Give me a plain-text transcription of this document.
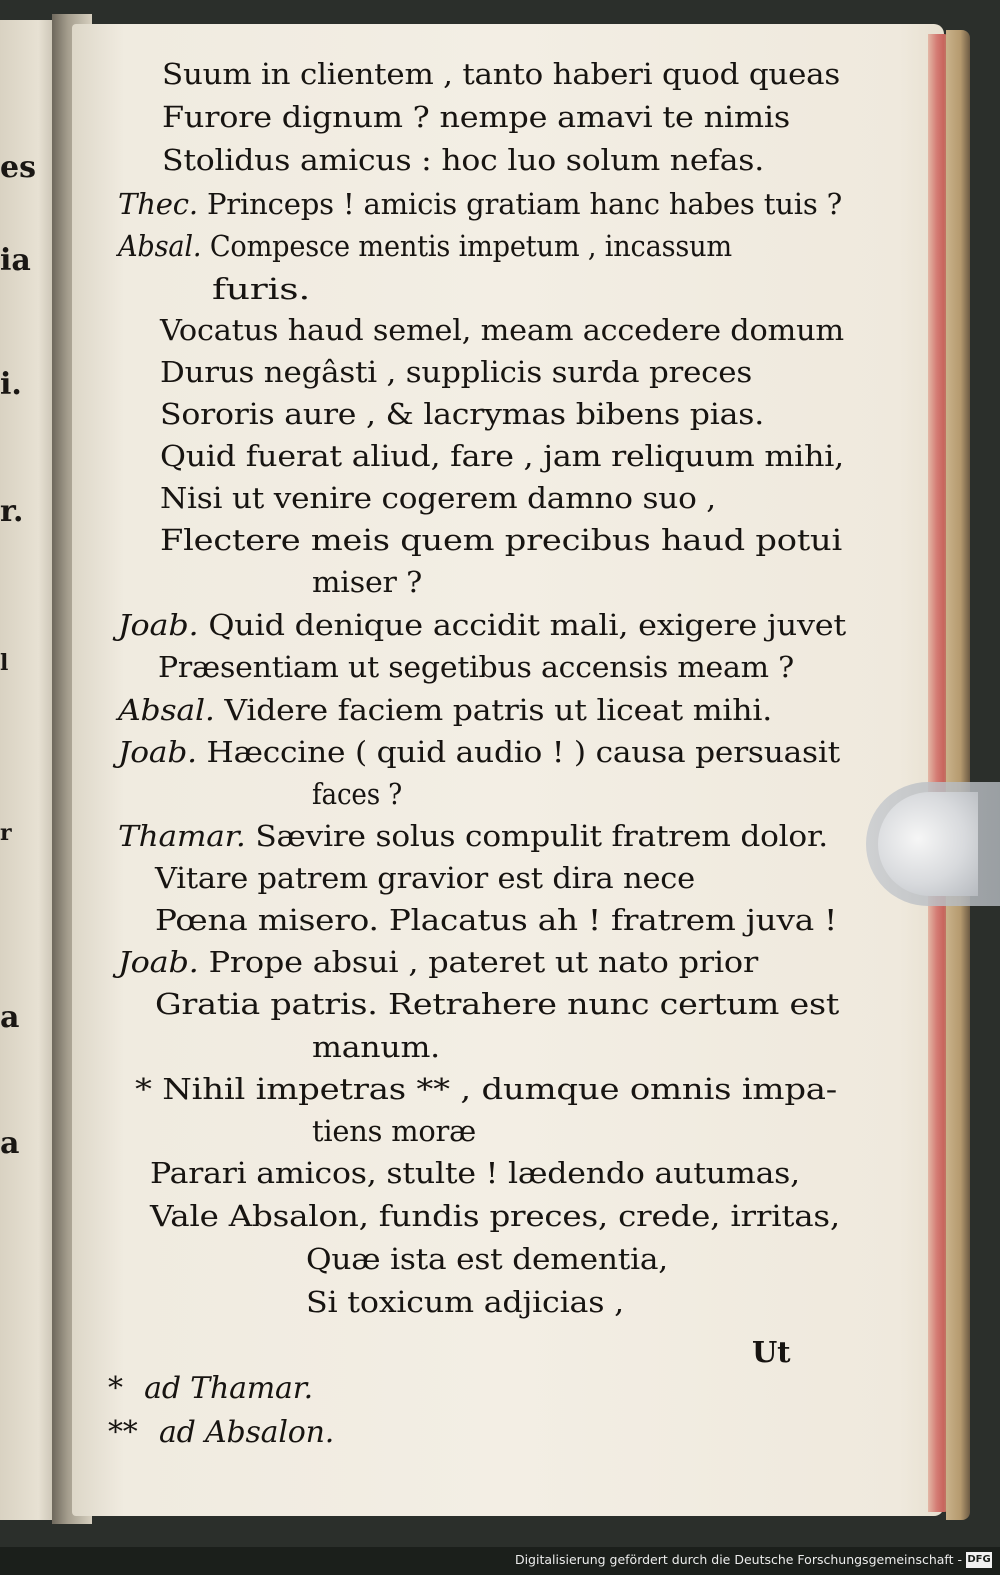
es
ia
i.
r.
a
a
r
l
Suum in clientem , tanto haberi quod queas
Furore dignum ? nempe amavi te nimis
Stolidus amicus : hoc luo solum nefas.
Thec. Princeps ! amicis gratiam hanc habes tuis ?
Absal. Compesce mentis impetum , incassum
furis.
Vocatus haud semel, meam accedere domum
Durus negâsti , supplicis surda preces
Sororis aure , & lacrymas bibens pias.
Quid fuerat aliud, fare , jam reliquum mihi,
Nisi ut venire cogerem damno suo ,
Flectere meis quem precibus haud potui
miser ?
Joab. Quid denique accidit mali, exigere juvet
Præsentiam ut segetibus accensis meam ?
Absal. Videre faciem patris ut liceat mihi.
Joab. Hæccine ( quid audio ! ) causa persuasit
faces ?
Thamar. Sævire solus compulit fratrem dolor.
Vitare patrem gravior est dira nece
Pœna misero. Placatus ah ! fratrem juva !
Joab. Prope absui , pateret ut nato prior
Gratia patris. Retrahere nunc certum est
manum.
* Nihil impetras ** , dumque omnis impa-
tiens moræ
Parari amicos, stulte ! lædendo autumas,
Vale Absalon, fundis preces, crede, irritas,
Quæ ista est dementia,
Si toxicum adjicias ,
Ut
* ad Thamar.
** ad Absalon.
Digitalisierung gefördert durch die Deutsche Forschungsgemeinschaft - DFG
